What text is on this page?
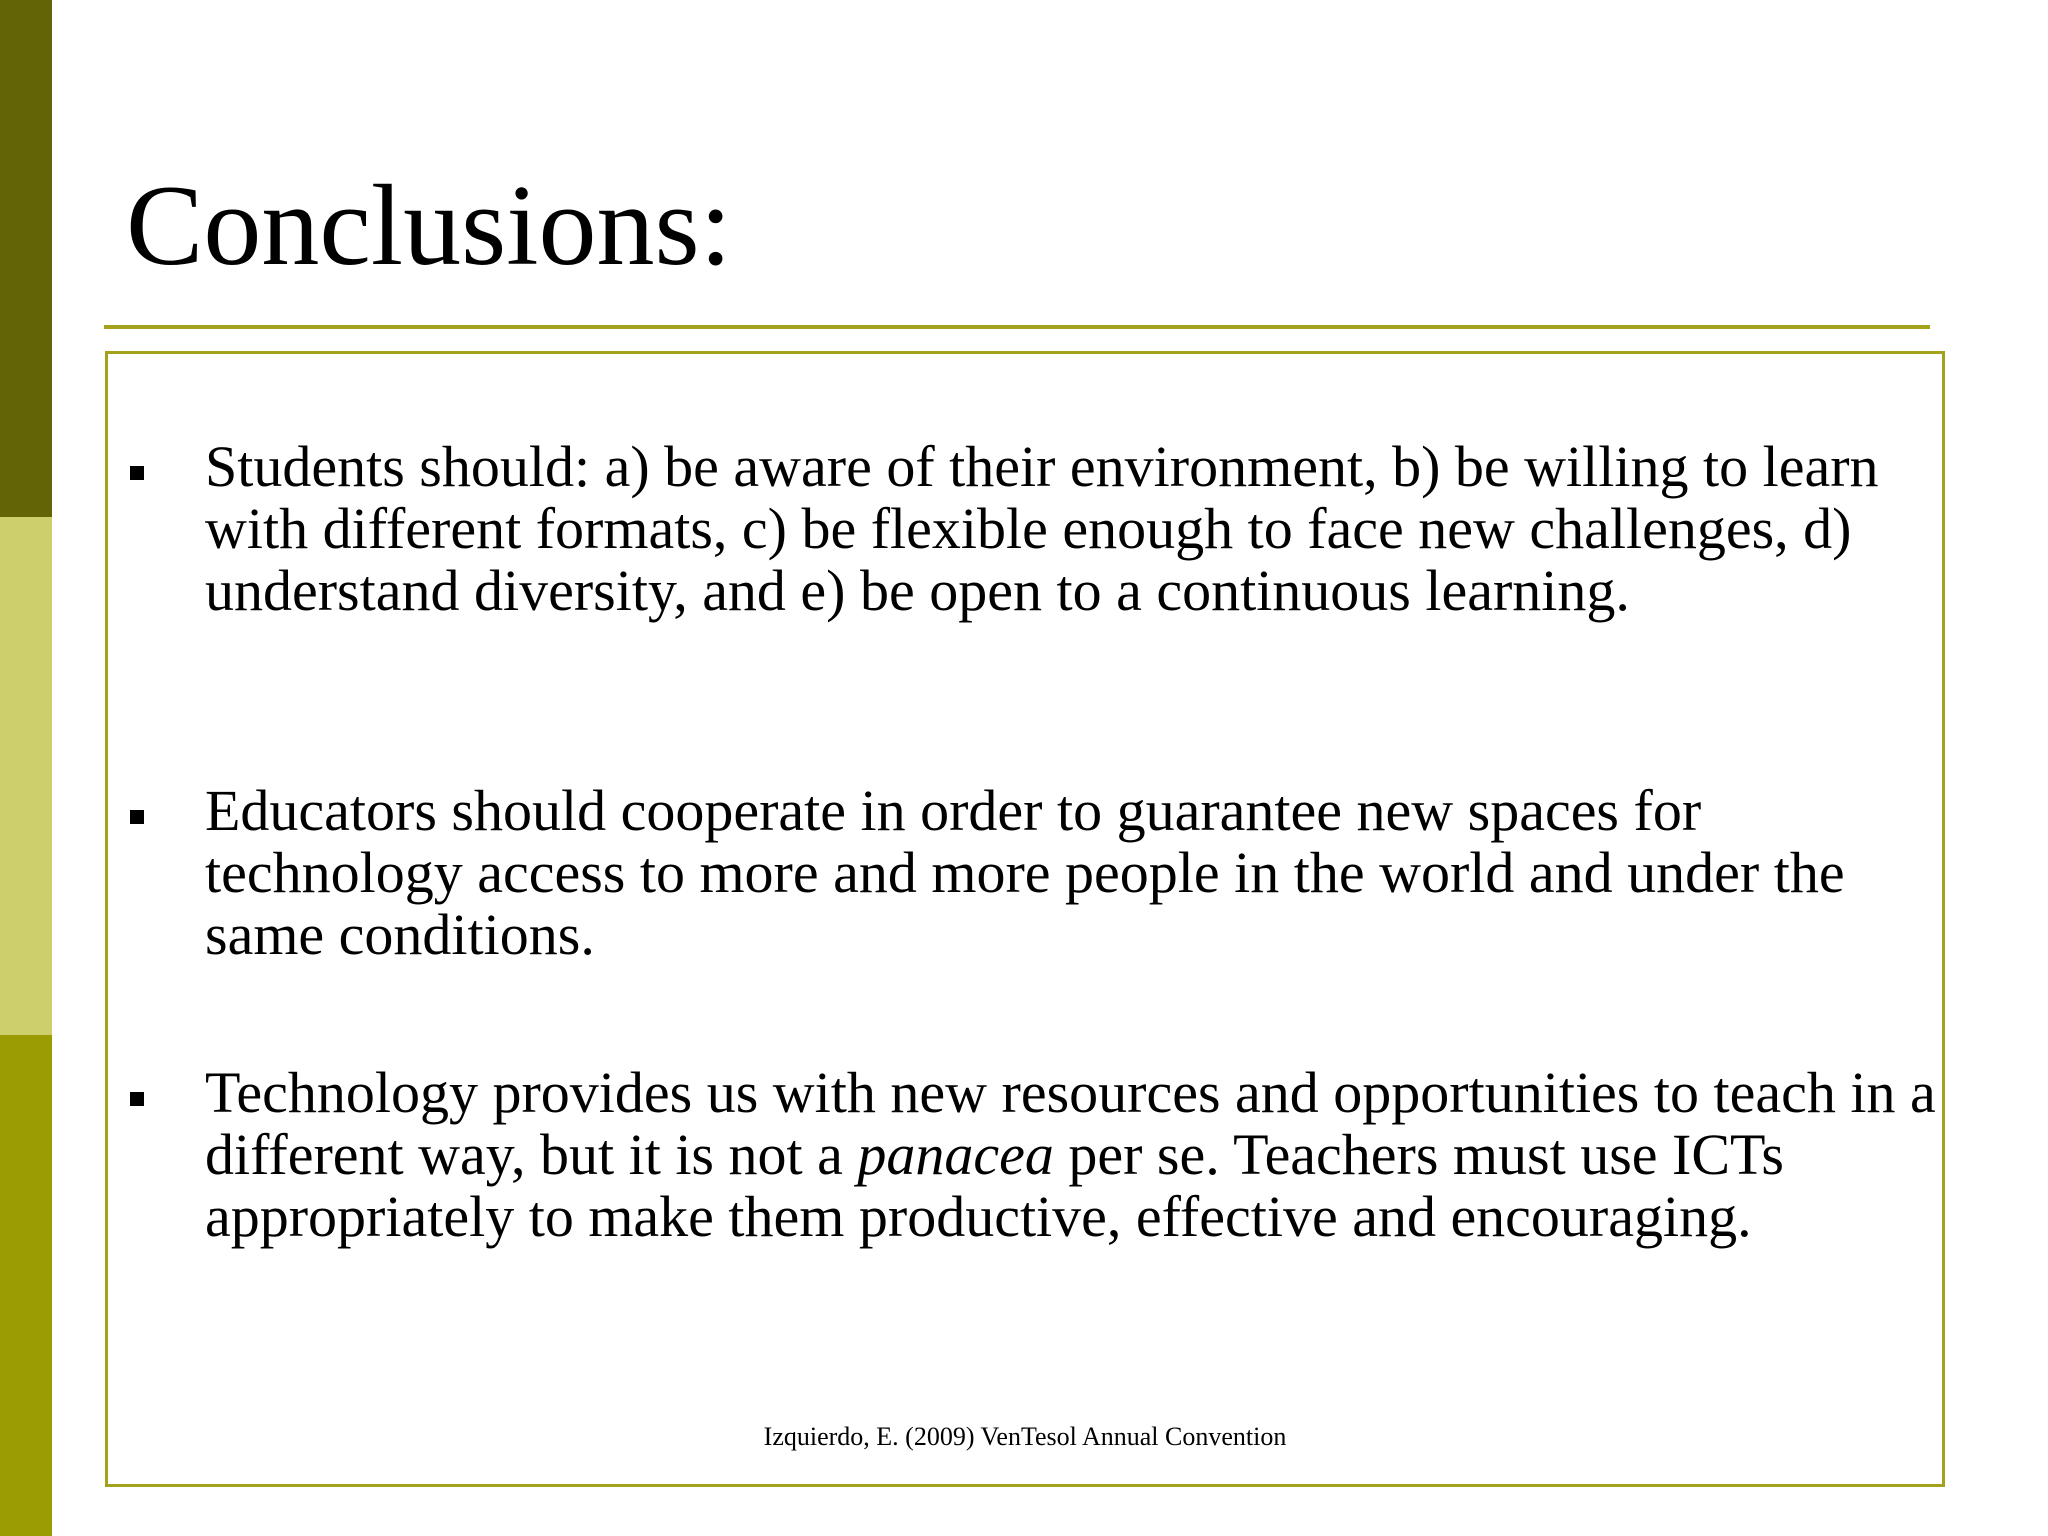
Conclusions:

Students should: a) be aware of their environment, b) be willing to learn with different formats, c) be flexible enough to face new challenges, d) understand diversity, and e) be open to a continuous learning.

Educators should cooperate in order to guarantee new spaces for technology access to more and more people in the world and under the same conditions.

Technology provides us with new resources and opportunities to teach in a different way, but it is not a panacea per se. Teachers must use ICTs appropriately to make them productive, effective and encouraging.

Izquierdo, E. (2009) VenTesol Annual Convention
